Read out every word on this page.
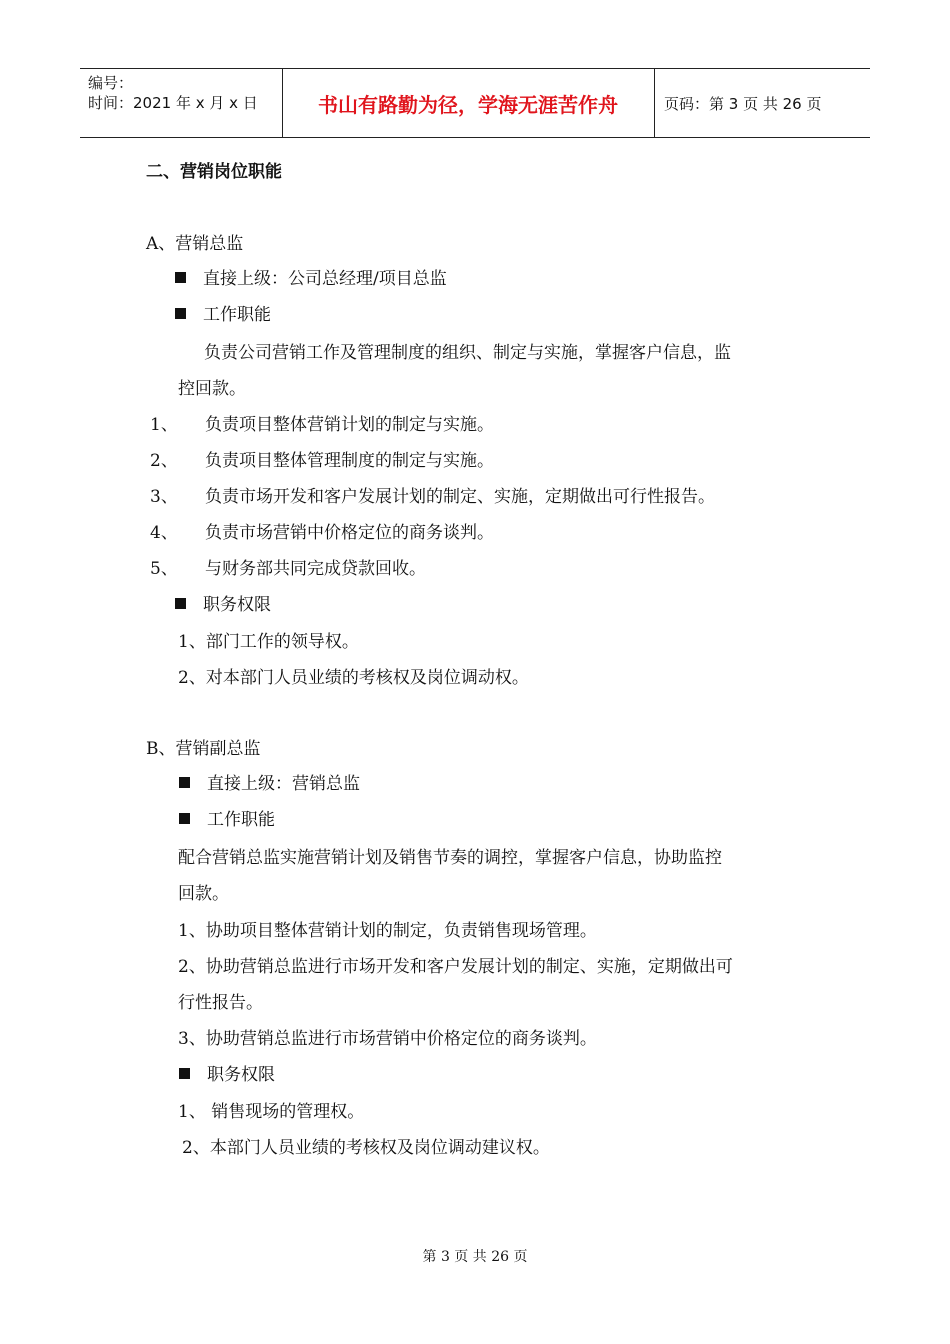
编号：
时间：2021 年 x 月 x 日	书山有路勤为径，学海无涯苦作舟	页码：第 3 页 共 26 页
二、营销岗位职能
A、营销总监
直接上级：公司总经理/项目总监
工作职能
负责公司营销工作及管理制度的组织、制定与实施，掌握客户信息，监
控回款。
1、 负责项目整体营销计划的制定与实施。
2、 负责项目整体管理制度的制定与实施。
3、 负责市场开发和客户发展计划的制定、实施，定期做出可行性报告。
4、 负责市场营销中价格定位的商务谈判。
5、 与财务部共同完成贷款回收。
职务权限
1、部门工作的领导权。
2、对本部门人员业绩的考核权及岗位调动权。
B、营销副总监
直接上级：营销总监
工作职能
配合营销总监实施营销计划及销售节奏的调控，掌握客户信息，协助监控
回款。
1、协助项目整体营销计划的制定，负责销售现场管理。
2、协助营销总监进行市场开发和客户发展计划的制定、实施，定期做出可
行性报告。
3、协助营销总监进行市场营销中价格定位的商务谈判。
职务权限
1、 销售现场的管理权。
2、本部门人员业绩的考核权及岗位调动建议权。
第 3 页 共 26 页
